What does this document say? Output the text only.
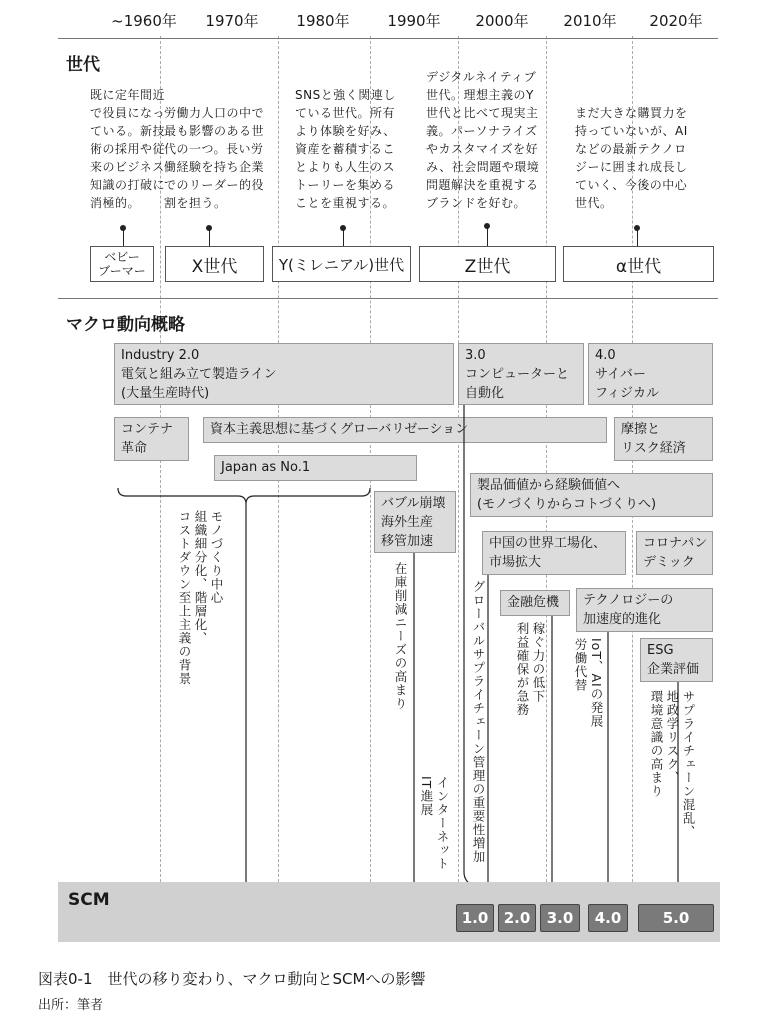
~1960年	1970年	1980年	1990年	2000年	2010年	2020年
世代
既に定年間近
で役員になっ
ている。新技
術の採用や従
来のビジネス
知識の打破に
消極的。
労働力人口の中で
最も影響のある世
代の一つ。長い労
働経験を持ち企業
でのリーダー的役
割を担う。
SNSと強く関連し
ている世代。所有
より体験を好み、
資産を蓄積するこ
とよりも人生のス
トーリーを集める
ことを重視する。
デジタルネイティブ
世代。理想主義のY
世代と比べて現実主
義。パーソナライズ
やカスタマイズを好
み、社会問題や環境
問題解決を重視する
ブランドを好む。
まだ大きな購買力を
持っていないが、AI
などの最新テクノロ
ジーに囲まれ成長し
ていく、今後の中心
世代。
ベビー
ブーマー	X世代	Y(ミレニアル)世代	Z世代	α世代
マクロ動向概略
Industry 2.0
電気と組み立て製造ライン
(大量生産時代)
3.0
コンピューターと
自動化
4.0
サイバー
フィジカル
コンテナ
革命
資本主義思想に基づくグローバリゼーション	摩擦と
リスク経済
Japan as No.1
製品価値から経験価値へ
(モノづくりからコトづくりへ)
バブル崩壊
海外生産
移管加速	中国の世界工場化、
市場拡大
コロナパン
デミック
金融危機	テクノロジーの
加速度的進化
ESG
企業評価
モノづくり中心
組織細分化、階層化、
コストダウン至上主義の背景	在庫削減ニーズの高まり
インターネット
IT進展	グローバルサプライチェーン管理の重要性増加	稼ぐ力の低下
利益確保が急務	IoT、AIの発展
労働代替
サプライチェーン混乱、
地政学リスク、
環境意識の高まり
SCM
1.0	2.0	3.0	4.0	5.0
図表0-1　世代の移り変わり、マクロ動向とSCMへの影響
出所：筆者
